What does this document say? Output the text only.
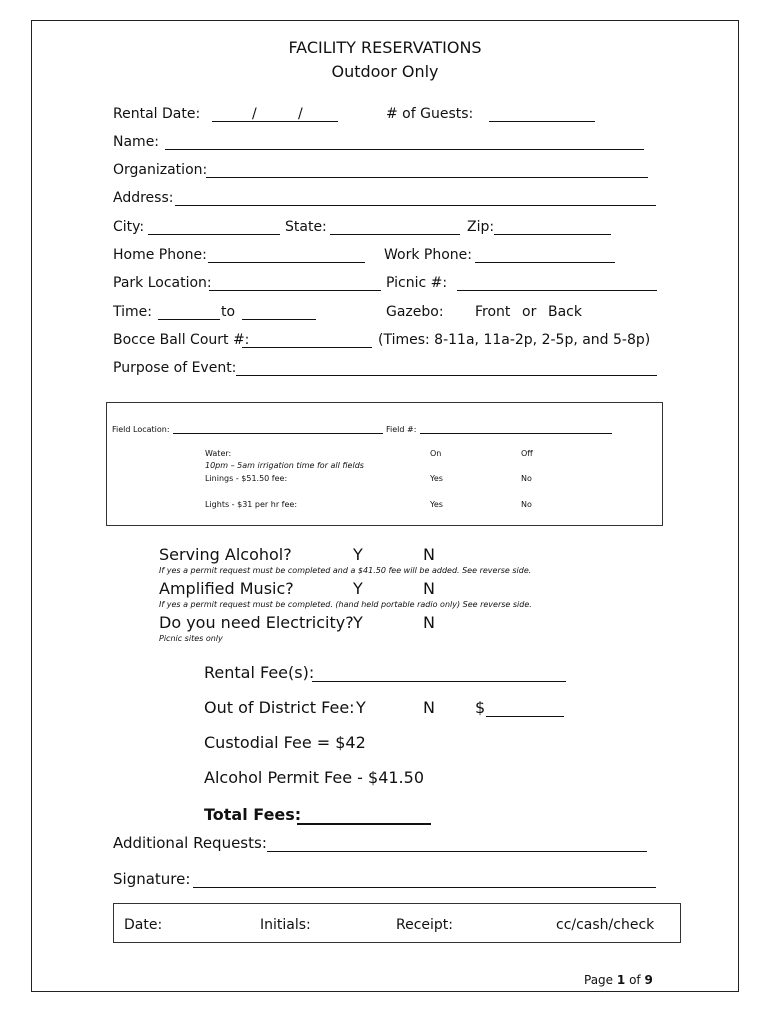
FACILITY RESERVATIONS
Outdoor Only
Rental Date:	/	/	# of Guests:
Name:
Organization:
Address:
City:	State:	Zip:
Home Phone:	Work Phone:
Park Location:	Picnic #:
Time:	to	Gazebo: Front or Back
Bocce Ball Court #:	(Times: 8-11a, 11a-2p, 2-5p, and 5-8p)
Purpose of Event:
Field Location:	Field #:
Water:	On	Off
10pm – 5am irrigation time for all fields
Linings - $51.50 fee:	Yes	No
Lights - $31 per hr fee:	Yes	No
Serving Alcohol?	Y	N
If yes a permit request must be completed and a $41.50 fee will be added. See reverse side.
Amplified Music?	Y	N
If yes a permit request must be completed. (hand held portable radio only) See reverse side.
Do you need Electricity? Y	N
Picnic sites only
Rental Fee(s):
Out of District Fee: Y	N	$
Custodial Fee = $42
Alcohol Permit Fee - $41.50
Total Fees:
Additional Requests:
Signature:
Date:	Initials:	Receipt:	cc/cash/check
Page 1 of 9
